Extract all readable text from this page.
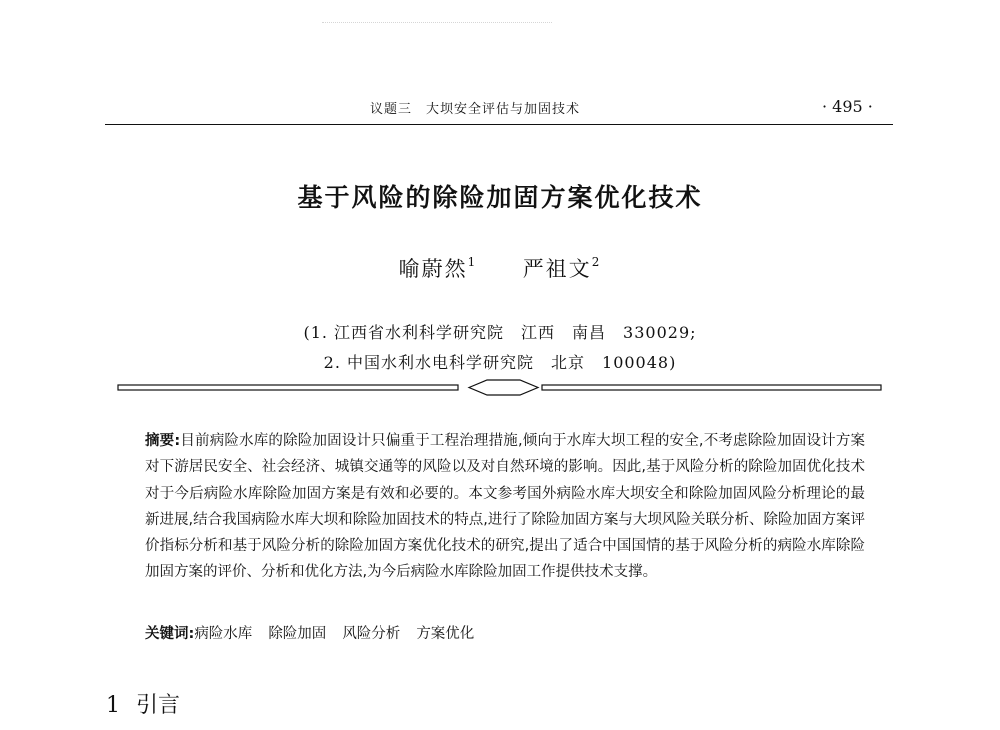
议题三　大坝安全评估与加固技术	· 495 ·
基于风险的除险加固方案优化技术
喻蔚然$^1$ 严祖文$^2$
(1. 江西省水利科学研究院　江西　南昌　330029;
2. 中国水利水电科学研究院　北京　100048)
摘要:目前病险水库的除险加固设计只偏重于工程治理措施,倾向于水库大坝工程的安全,不考虑除险加固设计方案对下游居民安全、社会经济、城镇交通等的风险以及对自然环境的影响。因此,基于风险分析的除险加固优化技术对于今后病险水库除险加固方案是有效和必要的。本文参考国外病险水库大坝安全和除险加固风险分析理论的最新进展,结合我国病险水库大坝和除险加固技术的特点,进行了除险加固方案与大坝风险关联分析、除险加固方案评价指标分析和基于风险分析的除险加固方案优化技术的研究,提出了适合中国国情的基于风险分析的病险水库除险加固方案的评价、分析和优化方法,为今后病险水库除险加固工作提供技术支撑。
关键词:病险水库 除险加固 风险分析 方案优化
1 引言
